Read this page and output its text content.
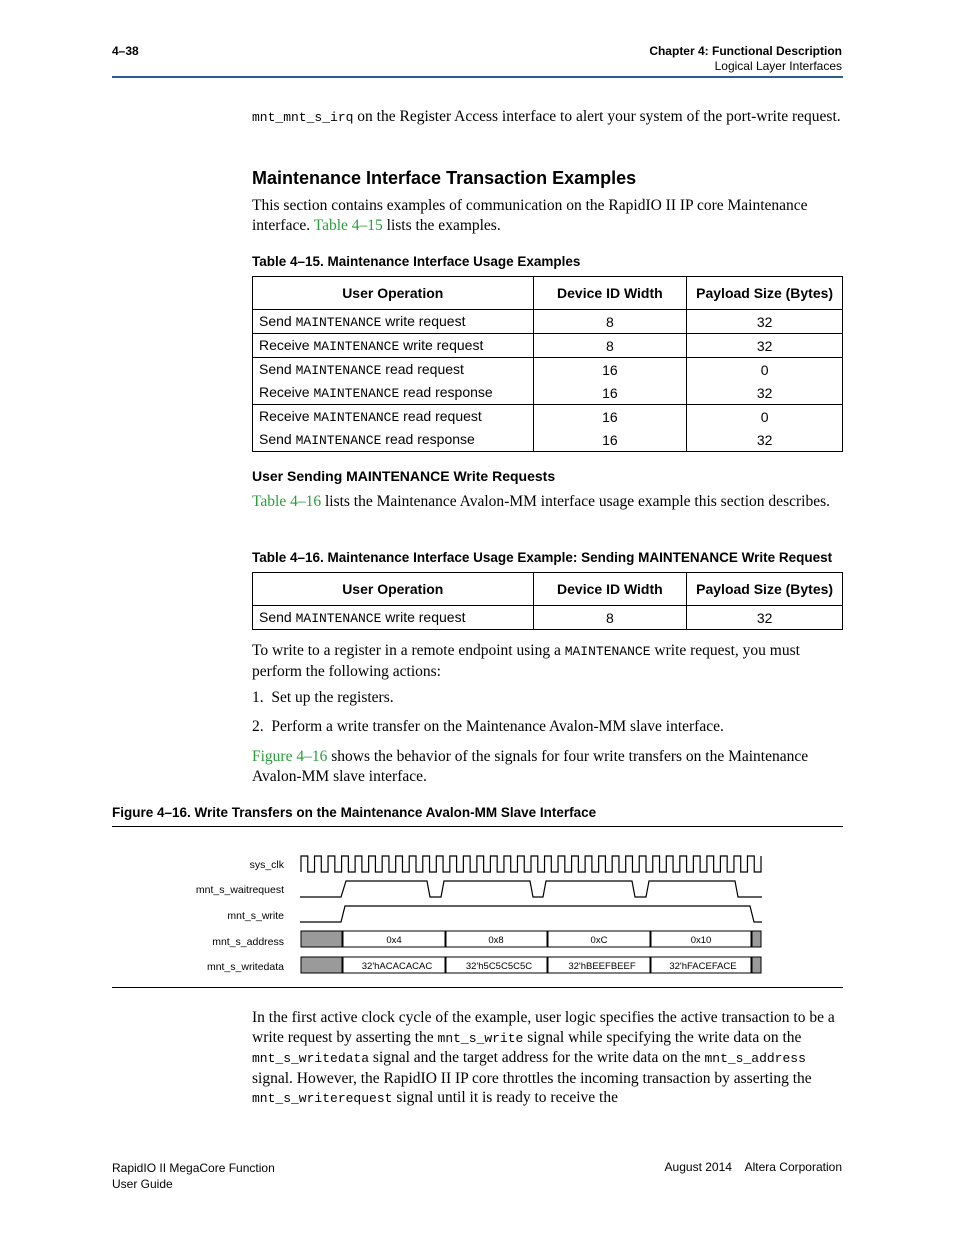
4–38	Chapter 4: Functional Description
Logical Layer Interfaces
mnt_mnt_s_irq on the Register Access interface to alert your system of the port-write request.
Maintenance Interface Transaction Examples
This section contains examples of communication on the RapidIO II IP core Maintenance interface. Table 4–15 lists the examples.
Table 4–15. Maintenance Interface Usage Examples
User Operation	Device ID Width	Payload Size (Bytes)
Send MAINTENANCE write request	8	32
Receive MAINTENANCE write request	8	32
Send MAINTENANCE read request	16	0
Receive MAINTENANCE read response	16	32
Receive MAINTENANCE read request	16	0
Send MAINTENANCE read response	16	32
User Sending MAINTENANCE Write Requests
Table 4–16 lists the Maintenance Avalon-MM interface usage example this section describes.
Table 4–16. Maintenance Interface Usage Example: Sending MAINTENANCE Write Request
User Operation	Device ID Width	Payload Size (Bytes)
Send MAINTENANCE write request	8	32
To write to a register in a remote endpoint using a MAINTENANCE write request, you must perform the following actions:
1. Set up the registers.
2. Perform a write transfer on the Maintenance Avalon-MM slave interface.
Figure 4–16 shows the behavior of the signals for four write transfers on the Maintenance Avalon-MM slave interface.
Figure 4–16. Write Transfers on the Maintenance Avalon-MM Slave Interface
sys_clk
mnt_s_waitrequest
mnt_s_write
mnt_s_address
mnt_s_writedata
0x4	0x8	0xC	0x10
32'hACACACAC	32'h5C5C5C5C	32'hBEEFBEEF	32'hFACEFACE
In the first active clock cycle of the example, user logic specifies the active transaction to be a write request by asserting the mnt_s_write signal while specifying the write data on the mnt_s_writedata signal and the target address for the write data on the mnt_s_address signal. However, the RapidIO II IP core throttles the incoming transaction by asserting the mnt_s_writerequest signal until it is ready to receive the
RapidIO II MegaCore Function
User Guide
August 2014    Altera Corporation
